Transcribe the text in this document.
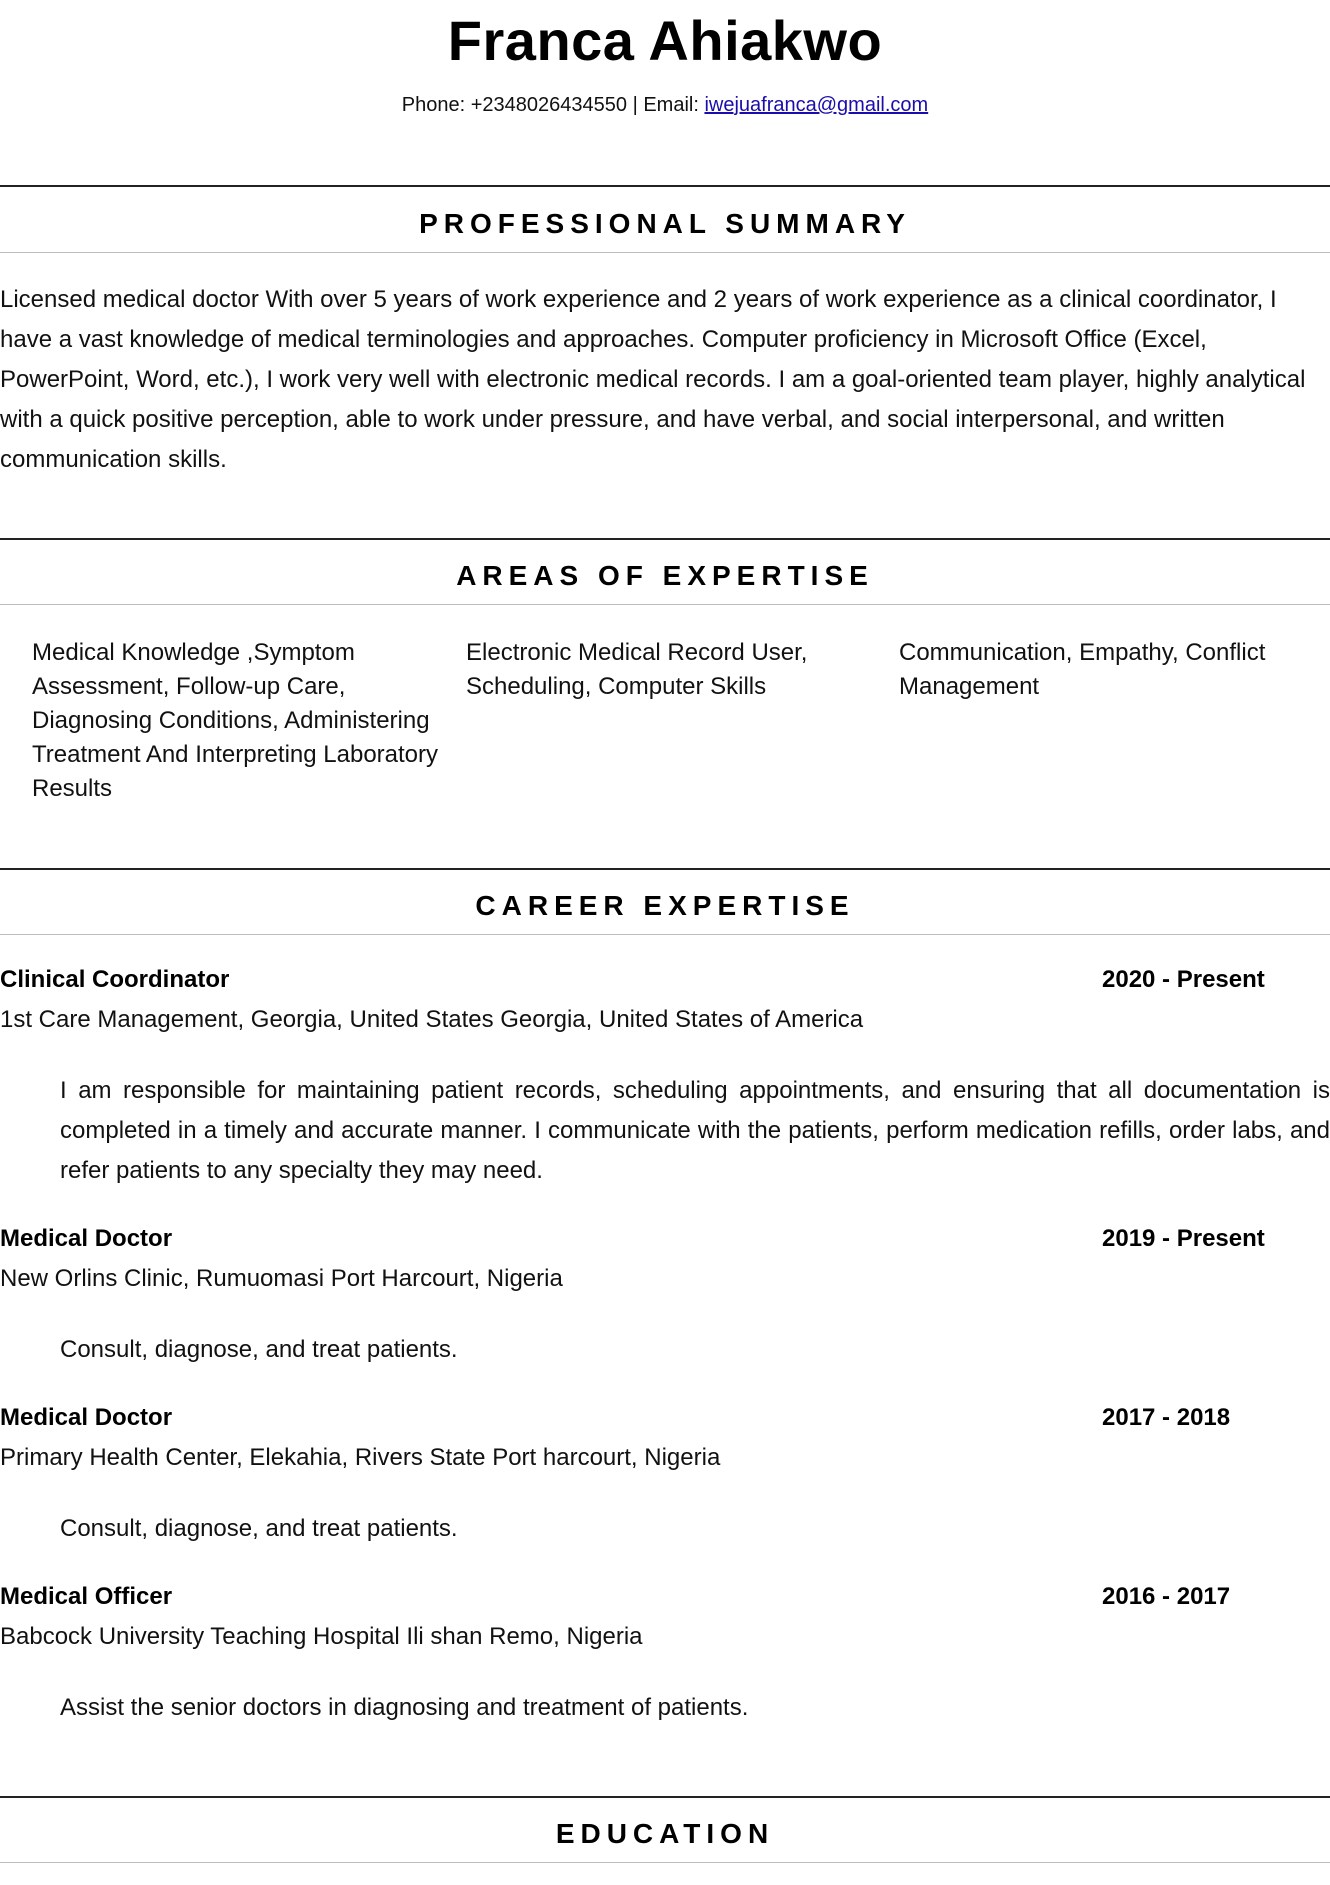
Franca Ahiakwo
Phone: +2348026434550 | Email: iwejuafranca@gmail.com
PROFESSIONAL SUMMARY
Licensed medical doctor With over 5 years of work experience and 2 years of work experience as a clinical coordinator, I have a vast knowledge of medical terminologies and approaches. Computer proficiency in Microsoft Office (Excel, PowerPoint, Word, etc.), I work very well with electronic medical records. I am a goal-oriented team player, highly analytical with a quick positive perception, able to work under pressure, and have verbal, and social interpersonal, and written communication skills.
AREAS OF EXPERTISE
Medical Knowledge ,Symptom Assessment, Follow-up Care, Diagnosing Conditions, Administering Treatment And Interpreting Laboratory Results
Electronic Medical Record User, Scheduling, Computer Skills
Communication, Empathy, Conflict Management
CAREER EXPERTISE
Clinical Coordinator	2020 - Present
1st Care Management, Georgia, United States Georgia, United States of America
I am responsible for maintaining patient records, scheduling appointments, and ensuring that all documentation is completed in a timely and accurate manner. I communicate with the patients, perform medication refills, order labs, and refer patients to any specialty they may need.
Medical Doctor	2019 - Present
New Orlins Clinic, Rumuomasi Port Harcourt, Nigeria
Consult, diagnose, and treat patients.
Medical Doctor	2017 - 2018
Primary Health Center, Elekahia, Rivers State Port harcourt, Nigeria
Consult, diagnose, and treat patients.
Medical Officer	2016 - 2017
Babcock University Teaching Hospital Ili shan Remo, Nigeria
Assist the senior doctors in diagnosing and treatment of patients.
EDUCATION
